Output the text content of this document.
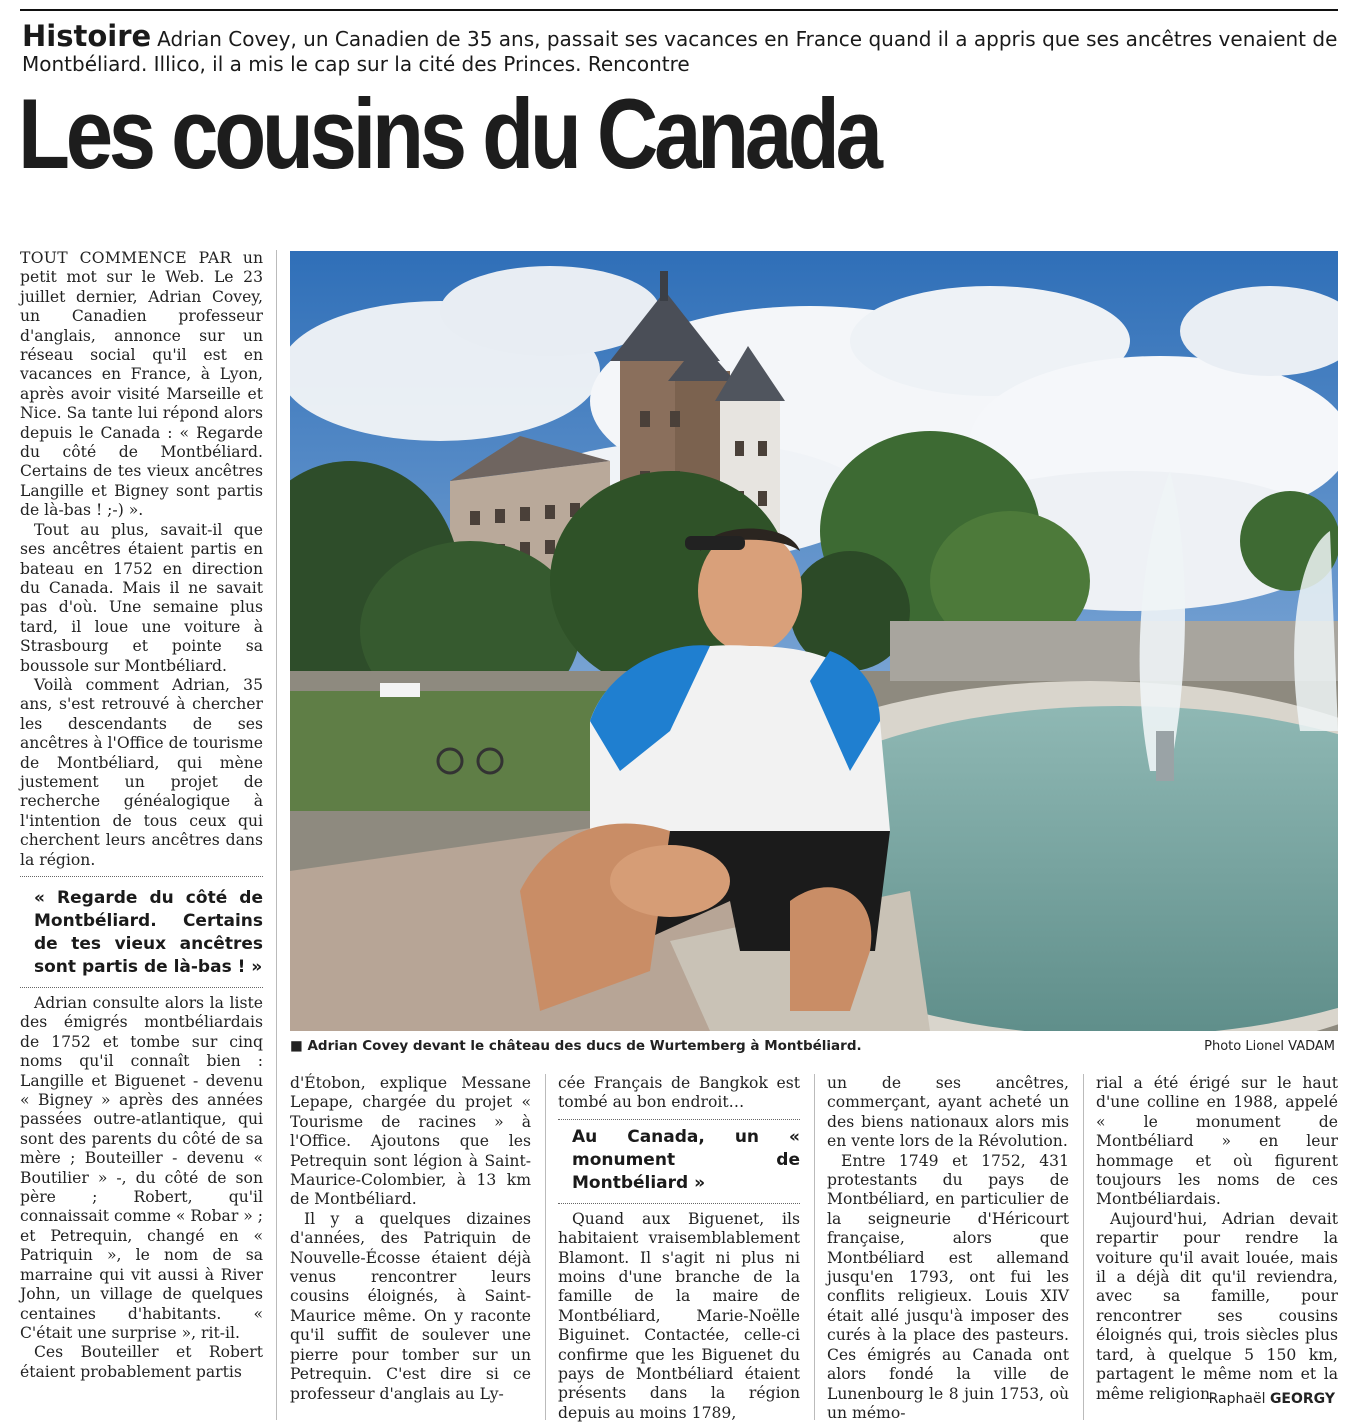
Histoire Adrian Covey, un Canadien de 35 ans, passait ses vacances en France quand il a appris que ses ancêtres venaient de Montbéliard. Illico, il a mis le cap sur la cité des Princes. Rencontre
Les cousins du Canada

TOUT COMMENCE PAR un petit mot sur le Web. Le 23 juillet dernier, Adrian Covey, un Canadien professeur d'anglais, annonce sur un réseau social qu'il est en vacances en France, à Lyon, après avoir visité Marseille et Nice. Sa tante lui répond alors depuis le Canada : « Regarde du côté de Montbéliard. Certains de tes vieux ancêtres Langille et Bigney sont partis de là-bas ! ;-) ».

Tout au plus, savait-il que ses ancêtres étaient partis en bateau en 1752 en direction du Canada. Mais il ne savait pas d'où. Une semaine plus tard, il loue une voiture à Strasbourg et pointe sa boussole sur Montbéliard.

Voilà comment Adrian, 35 ans, s'est retrouvé à chercher les descendants de ses ancêtres à l'Office de tourisme de Montbéliard, qui mène justement un projet de recherche généalogique à l'intention de tous ceux qui cherchent leurs ancêtres dans la région.

« Regarde du côté de Montbéliard. Certains de tes vieux ancêtres sont partis de là-bas ! »

Adrian consulte alors la liste des émigrés montbéliardais de 1752 et tombe sur cinq noms qu'il connaît bien : Langille et Biguenet - devenu « Bigney » après des années passées outre-atlantique, qui sont des parents du côté de sa mère ; Bouteiller - devenu « Boutilier » -, du côté de son père ; Robert, qu'il connaissait comme « Robar » ; et Petrequin, changé en « Patriquin », le nom de sa marraine qui vit aussi à River John, un village de quelques centaines d'habitants. « C'était une surprise », rit-il.

Ces Bouteiller et Robert étaient probablement partis

■ Adrian Covey devant le château des ducs de Wurtemberg à Montbéliard.	Photo Lionel VADAM

d'Étobon, explique Messane Lepape, chargée du projet « Tourisme de racines » à l'Office. Ajoutons que les Petrequin sont légion à Saint-Maurice-Colombier, à 13 km de Montbéliard.

Il y a quelques dizaines d'années, des Patriquin de Nouvelle-Écosse étaient déjà venus rencontrer leurs cousins éloignés, à Saint-Maurice même. On y raconte qu'il suffit de soulever une pierre pour tomber sur un Petrequin. C'est dire si ce professeur d'anglais au Ly-

cée Français de Bangkok est tombé au bon endroit…

Au Canada, un « monument de Montbéliard »

Quand aux Biguenet, ils habitaient vraisemblablement Blamont. Il s'agit ni plus ni moins d'une branche de la famille de la maire de Montbéliard, Marie-Noëlle Biguinet. Contactée, celle-ci confirme que les Biguenet du pays de Montbéliard étaient présents dans la région depuis au moins 1789,

un de ses ancêtres, commerçant, ayant acheté un des biens nationaux alors mis en vente lors de la Révolution.

Entre 1749 et 1752, 431 protestants du pays de Montbéliard, en particulier de la seigneurie d'Héricourt française, alors que Montbéliard est allemand jusqu'en 1793, ont fui les conflits religieux. Louis XIV était allé jusqu'à imposer des curés à la place des pasteurs. Ces émigrés au Canada ont alors fondé la ville de Lunenbourg le 8 juin 1753, où un mémo-

rial a été érigé sur le haut d'une colline en 1988, appelé « le monument de Montbéliard » en leur hommage et où figurent toujours les noms de ces Montbéliardais.

Aujourd'hui, Adrian devait repartir pour rendre la voiture qu'il avait louée, mais il a déjà dit qu'il reviendra, avec sa famille, pour rencontrer ses cousins éloignés qui, trois siècles plus tard, à quelque 5 150 km, partagent le même nom et la même religion.

Raphaël GEORGY
